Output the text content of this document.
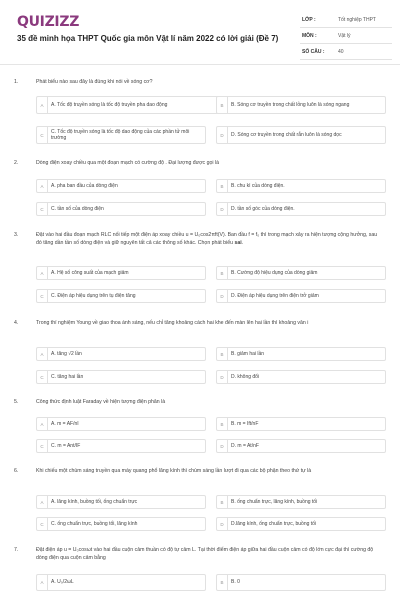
QUIZIZZ
35 đề minh họa THPT Quốc gia môn Vật lí năm 2022 có lời giải (Đề 7)
LỚP :	Tốt nghiệp THPT
MÔN :	Vật lý
SỐ CÂU :	40
1.	Phát biểu nào sau đây là đúng khi nói về sóng cơ?
A	A. Tốc độ truyền sóng là tốc độ truyền pha dao động	B	B. Sóng cơ truyền trong chất lỏng luôn là sóng ngang
C
C. Tốc độ truyền sóng là tốc độ dao động của các phần tử môi trường	D	D. Sóng cơ truyền trong chất rắn luôn là sóng dọc
2.	Dòng điện xoay chiều qua một đoạn mạch có cường độ . Đại lượng được gọi là
A	A. pha ban đầu của dòng điện	B	B. chu kì của dòng điện.
C	C. tần số của dòng điện	D	D. tần số góc của dòng điện.
3.	Đặt vào hai đầu đoạn mạch RLC nối tiếp một điện áp xoay chiều u = U₀cos2πft(V). Ban đầu f = f₀ thì trong mạch xảy ra hiện tượng cộng hưởng, sau đó tăng dần tần số dòng điện và giữ nguyên tất cả các thông số khác. Chọn phát biểu sai.
A	A. Hệ số công suất của mạch giảm	B	B. Cường độ hiệu dụng của dòng giảm
C	C. Điện áp hiệu dụng trên tụ điện tăng	D	D. Điện áp hiệu dụng trên điện trở giảm
4.	Trong thí nghiệm Young về giao thoa ánh sáng, nếu chỉ tăng khoảng cách hai khe đến màn lên hai lần thì khoảng vân i
A	A. tăng √2 lần	B	B. giảm hai lần
C	C. tăng hai lần	D	D. không đổi
5.	Công thức định luật Faraday về hiện tượng điện phân là
A	A. m = AF/nI	B	B. m = Ift/nF
C	C. m = Ant/IF	D	D. m = At/nF
6.	Khi chiếu một chùm sáng truyền qua máy quang phổ lăng kính thì chùm sáng lần lượt đi qua các bộ phận theo thứ tự là
A	A. lăng kính, buồng tối, ống chuẩn trực	B	B. ống chuẩn trực, lăng kính, buồng tối
C	C. ống chuẩn trực, buồng tối, lăng kính	D	D.lăng kính, ống chuẩn trực, buồng tối
7.	Đặt điện áp u = U₀cosωt vào hai đầu cuộn cảm thuần có độ tự cảm L. Tại thời điểm điện áp giữa hai đầu cuộn cảm có độ lớn cực đại thì cường độ dòng điện qua cuộn cảm bằng
A	A. U₀/2ωL	B	B. 0
